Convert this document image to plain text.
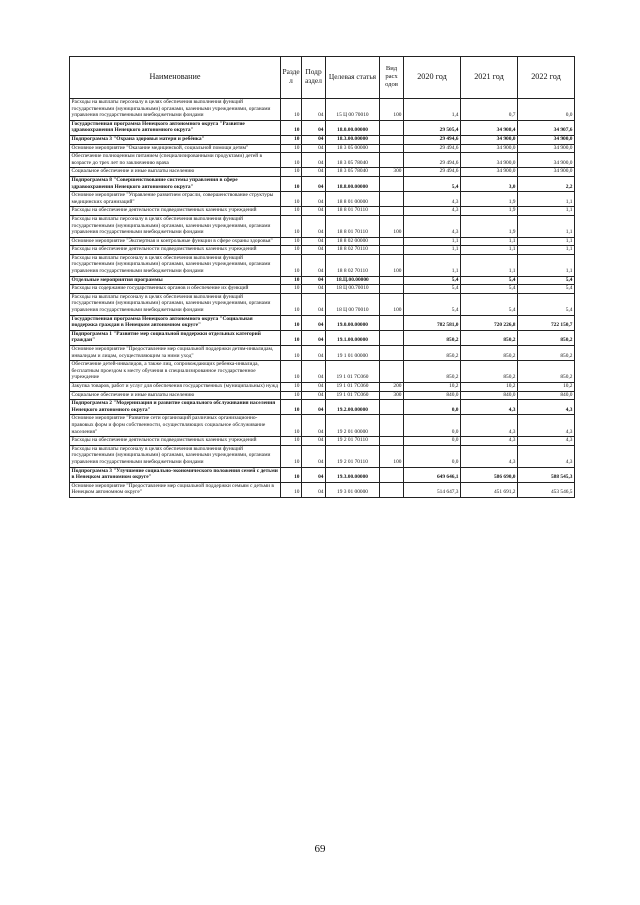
Наименование	Разде л	Подр аздел	Целевая статья	Вид расх одов	2020 год	2021 год	2022 год
Расходы на выплаты персоналу в целях обеспечения выполнения функций государственными (муниципальными) органами, казенными учреждениями, органами управления государственными внебюджетными фондами	10	04	15 Ц 00 70010	100	1,4	0,7	0,0
Государственная программа Ненецкого автономного округа "Развитие здравоохранения Ненецкого автономного округа"	10	04	18.0.00.00000		29 505,4	34 908,4	34 907,6
Подпрограмма 3 "Охрана здоровья матери и ребёнка"	10	04	18.3.00.00000		29 494,6	34 900,0	34 900,0
Основное мероприятие "Оказание медицинской, социальной помощи детям"	10	04	18 3 05 00000		29 494,6	34 900,0	34 900,0
Обеспечение полноценным питанием (специализированными продуктами) детей в возрасте до трех лет по заключению врача	10	04	18 3 05 78040		29 494,6	34 900,0	34 900,0
Социальное обеспечение и иные выплаты населению	10	04	18 3 05 78040	300	29 494,6	34 900,0	34 900,0
Подпрограмма 8 "Совершенствование системы управления в сфере здравоохранения Ненецкого автономного округа"	10	04	18.8.00.00000		5,4	3,0	2,2
Основное мероприятие "Управление развитием отрасли, совершенствование структуры медицинских организаций"	10	04	18 8 01 00000		4,3	1,9	1,1
Расходы на обеспечение деятельности подведомственных казенных учреждений	10	04	18 8 01 70110		4,3	1,9	1,1
Расходы на выплаты персоналу в целях обеспечения выполнения функций государственными (муниципальными) органами, казенными учреждениями, органами управления государственными внебюджетными фондами	10	04	18 8 01 70110	100	4,3	1,9	1,1
Основное мероприятие "Экспертная и контрольные функции в сфере охраны здоровья"	10	04	18 8 02 00000		1,1	1,1	1,1
Расходы на обеспечение деятельности подведомственных казенных учреждений	10	04	18 8 02 70110		1,1	1,1	1,1
Расходы на выплаты персоналу в целях обеспечения выполнения функций государственными (муниципальными) органами, казенными учреждениями, органами управления государственными внебюджетными фондами	10	04	18 8 02 70110	100	1,1	1,1	1,1
Отдельные мероприятия программы	10	04	18.Ц.00.00000		5,4	5,4	5,4
Расходы на содержание государственных органов и обеспечение их функций	10	04	18 Ц 00.70010		5,4	5,4	5,4
Расходы на выплаты персоналу в целях обеспечения выполнения функций государственными (муниципальными) органами, казенными учреждениями, органами управления государственными внебюджетными фондами	10	04	18 Ц 00 70010	100	5,4	5,4	5,4
Государственная программа Ненецкого автономного округа "Социальная поддержка граждан в Ненецком автономном округе"	10	04	19.0.00.00000		782 581,0	720 226,8	722 150,7
Подпрограмма 1 "Развитие мер социальной поддержки отдельных категорий граждан"	10	04	19.1.00.00000		850,2	850,2	850,2
Основное мероприятие "Предоставление мер социальной поддержки детям-инвалидам, инвалидам и лицам, осуществляющим за ними уход"	10	04	19 1 01 00000		850,2	850,2	850,2
Обеспечение детей-инвалидов, а также лиц, сопровождающих ребенка-инвалида, бесплатным проездом к месту обучения в специализированное государственное учреждение	10	04	19 1 01 7С060		850,2	850,2	850,2
Закупка товаров, работ и услуг для обеспечения государственных (муниципальных) нужд	10	04	19 1 01 7С060	200	10,2	10,2	10,2
Социальное обеспечение и иные выплаты населению	10	04	19 1 01 7С060	300	840,0	840,0	840,0
Подпрограмма 2 "Модернизация и развитие социального обслуживания населения Ненецкого автономного округа"	10	04	19.2.00.00000		0,0	4,3	4,3
Основное мероприятие "Развитие сети организаций различных организационно-правовых форм и форм собственности, осуществляющих социальное обслуживание населения"	10	04	19 2 01 00000		0,0	4,3	4,3
Расходы на обеспечение деятельности подведомственных казенных учреждений	10	04	19 2 01 70110		0,0	4,3	4,3
Расходы на выплаты персоналу в целях обеспечения выполнения функций государственными (муниципальными) органами, казенными учреждениями, органами управления государственными внебюджетными фондами	10	04	19 2 01 70110	100	0,0	4,3	4,3
Подпрограмма 3 "Улучшение социально-экономического положения семей с детьми в Ненецком автономном округе"	10	04	19.3.00.00000		649 646,1	586 690,0	588 545,3
Основное мероприятие "Предоставление мер социальной поддержки семьям с детьми в Ненецком автономном округе"	10	04	19 3 01 00000		514 647,3	451 691,2	453 546,5
69
